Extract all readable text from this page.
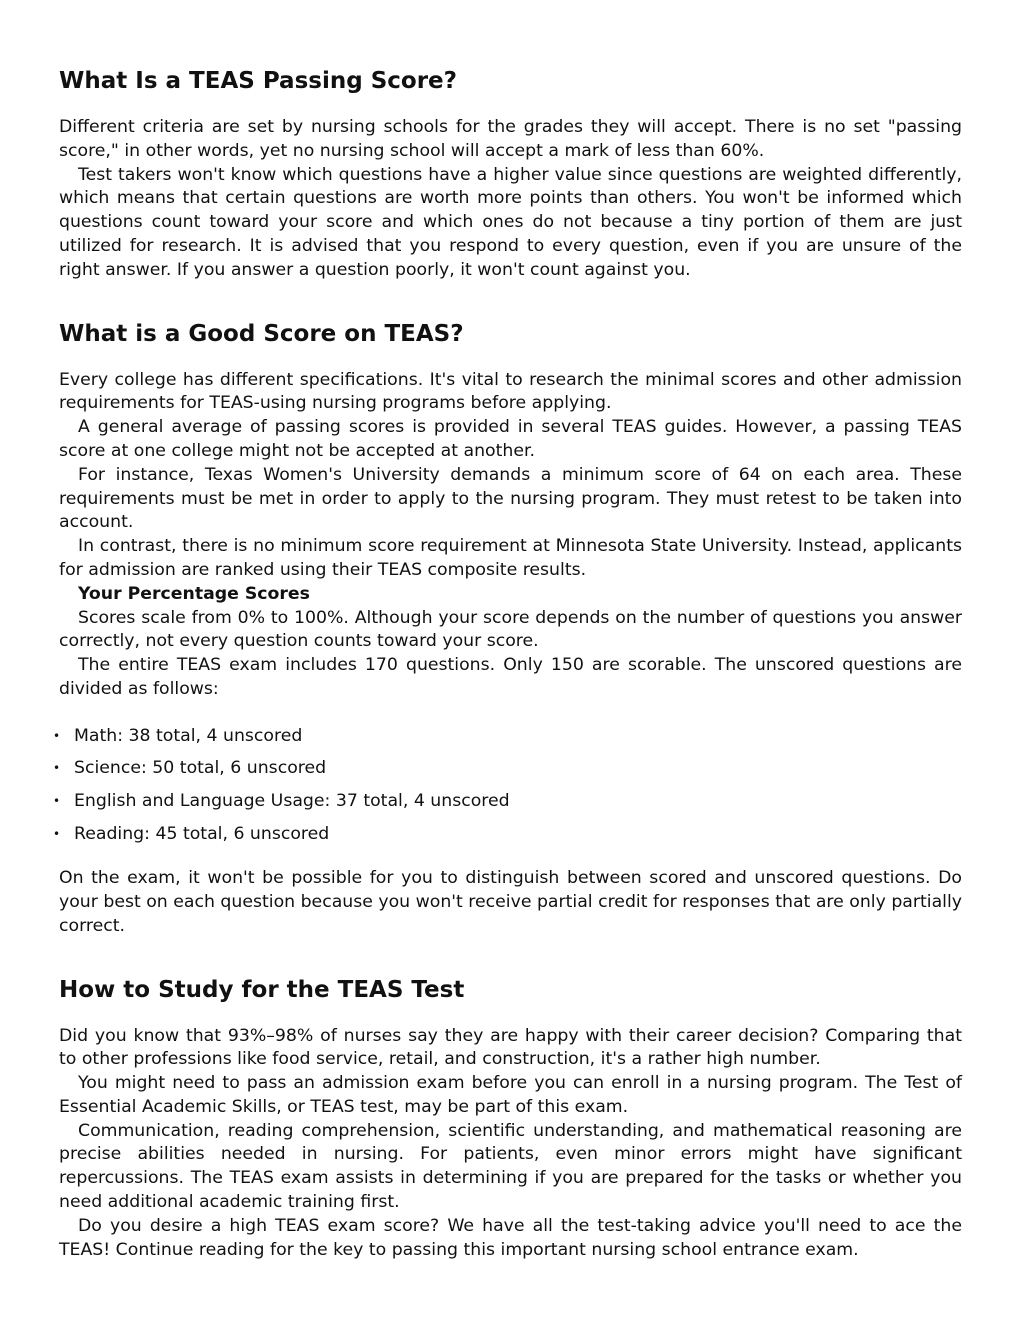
What Is a TEAS Passing Score?

Different criteria are set by nursing schools for the grades they will accept. There is no set "passing score," in other words, yet no nursing school will accept a mark of less than 60%.

Test takers won't know which questions have a higher value since questions are weighted differently, which means that certain questions are worth more points than others. You won't be informed which questions count toward your score and which ones do not because a tiny portion of them are just utilized for research. It is advised that you respond to every question, even if you are unsure of the right answer. If you answer a question poorly, it won't count against you.

What is a Good Score on TEAS?

Every college has different specifications. It's vital to research the minimal scores and other admission requirements for TEAS-using nursing programs before applying.

A general average of passing scores is provided in several TEAS guides. However, a passing TEAS score at one college might not be accepted at another.

For instance, Texas Women's University demands a minimum score of 64 on each area. These requirements must be met in order to apply to the nursing program. They must retest to be taken into account.

In contrast, there is no minimum score requirement at Minnesota State University. Instead, applicants for admission are ranked using their TEAS composite results.

Your Percentage Scores

Scores scale from 0% to 100%. Although your score depends on the number of questions you answer correctly, not every question counts toward your score.

The entire TEAS exam includes 170 questions. Only 150 are scorable. The unscored questions are divided as follows:

• Math: 38 total, 4 unscored
• Science: 50 total, 6 unscored
• English and Language Usage: 37 total, 4 unscored
• Reading: 45 total, 6 unscored

On the exam, it won't be possible for you to distinguish between scored and unscored questions. Do your best on each question because you won't receive partial credit for responses that are only partially correct.

How to Study for the TEAS Test

Did you know that 93%–98% of nurses say they are happy with their career decision? Comparing that to other professions like food service, retail, and construction, it's a rather high number.

You might need to pass an admission exam before you can enroll in a nursing program. The Test of Essential Academic Skills, or TEAS test, may be part of this exam.

Communication, reading comprehension, scientific understanding, and mathematical reasoning are precise abilities needed in nursing. For patients, even minor errors might have significant repercussions. The TEAS exam assists in determining if you are prepared for the tasks or whether you need additional academic training first.

Do you desire a high TEAS exam score? We have all the test-taking advice you'll need to ace the TEAS! Continue reading for the key to passing this important nursing school entrance exam.
